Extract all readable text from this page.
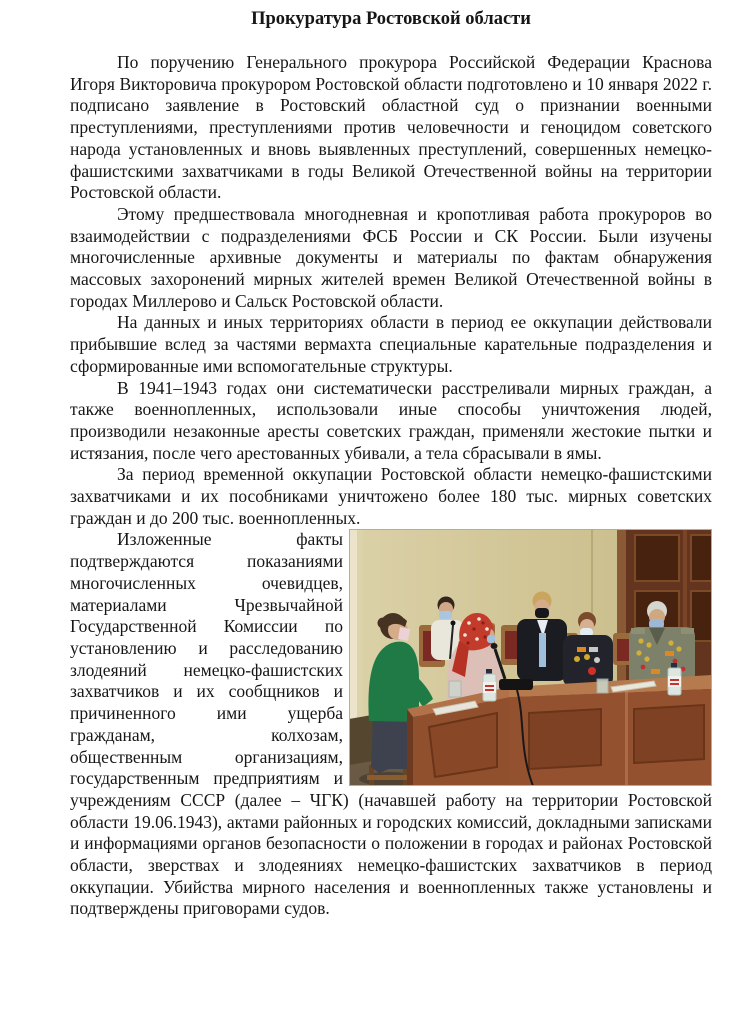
Прокуратура Ростовской области

По поручению Генерального прокурора Российской Федерации Краснова Игоря Викторовича прокурором Ростовской области подготовлено и 10 января 2022 г. подписано заявление в Ростовский областной суд о признании военными преступлениями, преступлениями против человечности и геноцидом советского народа установленных и вновь выявленных преступлений, совершенных немецко-фашистскими захватчиками в годы Великой Отечественной войны на территории Ростовской области.

Этому предшествовала многодневная и кропотливая работа прокуроров во взаимодействии с подразделениями ФСБ России и СК России. Были изучены многочисленные архивные документы и материалы по фактам обнаружения массовых захоронений мирных жителей времен Великой Отечественной войны в городах Миллерово и Сальск Ростовской области.

На данных и иных территориях области в период ее оккупации действовали прибывшие вслед за частями вермахта специальные карательные подразделения и сформированные ими вспомогательные структуры.

В 1941–1943 годах они систематически расстреливали мирных граждан, а также военнопленных, использовали иные способы уничтожения людей, производили незаконные аресты советских граждан, применяли жестокие пытки и истязания, после чего арестованных убивали, а тела сбрасывали в ямы.

За период временной оккупации Ростовской области немецко-фашистскими захватчиками и их пособниками уничтожено более 180 тыс. мирных советских граждан и до 200 тыс. военнопленных.

Изложенные факты подтверждаются показаниями многочисленных очевидцев, материалами Чрезвычайной Государственной Комиссии по установлению и расследованию злодеяний немецко-фашистских захватчиков и их сообщников и причиненного ими ущерба гражданам, колхозам, общественным организациям, государственным предприятиям и учреждениям СССР (далее – ЧГК) (начавшей работу на территории Ростовской области 19.06.1943), актами районных и городских комиссий, докладными записками и информациями органов безопасности о положении в городах и районах Ростовской области, зверствах и злодеяниях немецко-фашистских захватчиков в период оккупации. Убийства мирного населения и военнопленных также установлены и подтверждены приговорами судов.
